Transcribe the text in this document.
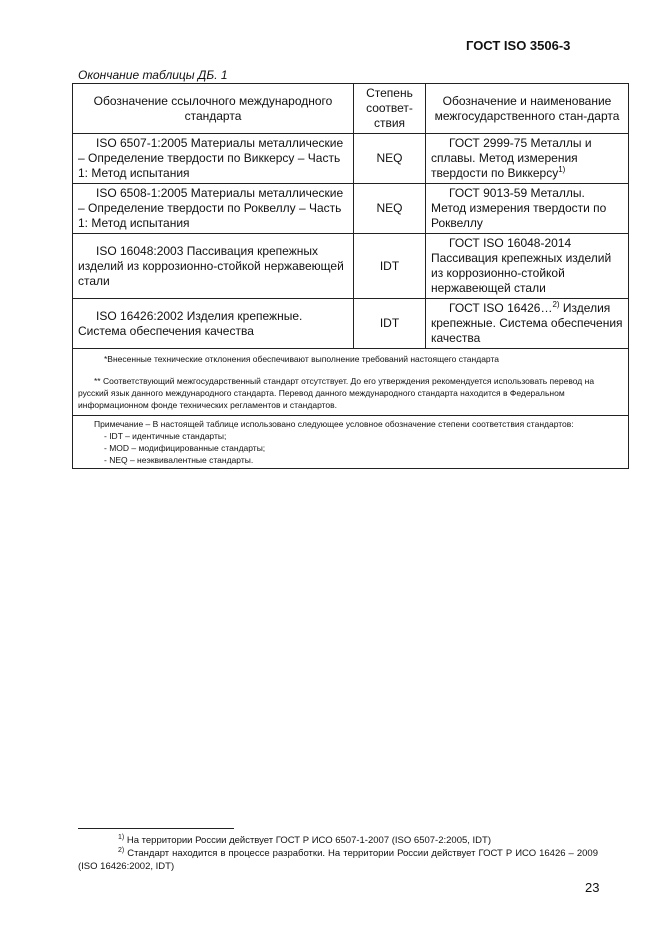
ГОСТ ISO 3506-3
Окончание таблицы ДБ. 1
Обозначение ссылочного международного стандарта	Степень соответ-ствия	Обозначение и наименование межгосударственного стан-дарта
ISO 6507-1:2005 Материалы металлические – Определение твердости по Виккерсу – Часть 1: Метод испытания	NEQ	ГОСТ 2999-75 Металлы и сплавы. Метод измерения твердости по Виккерсу$^{1)}$
ISO 6508-1:2005 Материалы металлические – Определение твердости по Роквеллу – Часть 1: Метод испытания	NEQ	ГОСТ 9013-59 Металлы. Метод измерения твердости по Роквеллу
ISO 16048:2003 Пассивация крепежных изделий из коррозионно-стойкой нержавеющей стали	IDT	ГОСТ ISO 16048-2014 Пассивация крепежных изделий из коррозионно-стойкой нержавеющей стали
ISO 16426:2002 Изделия крепежные. Система обеспечения качества	IDT	ГОСТ ISO 16426…$^{2)}$ Изделия крепежные. Система обеспечения качества

*Внесенные технические отклонения обеспечивают выполнение требований настоящего стандарта

** Соответствующий межгосударственный стандарт отсутствует. До его утверждения рекомендуется использовать перевод на русский язык данного международного стандарта. Перевод данного международного стандарта находится в Федеральном информационном фонде технических регламентов и стандартов.		

Примечание – В настоящей таблице использовано следующее условное обозначение степени соответствия стандартов:

- IDT – идентичные стандарты;

- MOD – модифицированные стандарты;

- NEQ – неэквивалентные стандарты.		

$^{1)}$ На территории России действует ГОСТ Р ИСО 6507-1-2007 (ISO 6507-2:2005, IDT)
$^{2)}$ Стандарт находится в процессе разработки. На территории России действует ГОСТ Р ИСО 16426 – 2009 (ISO 16426:2002, IDT)
23
